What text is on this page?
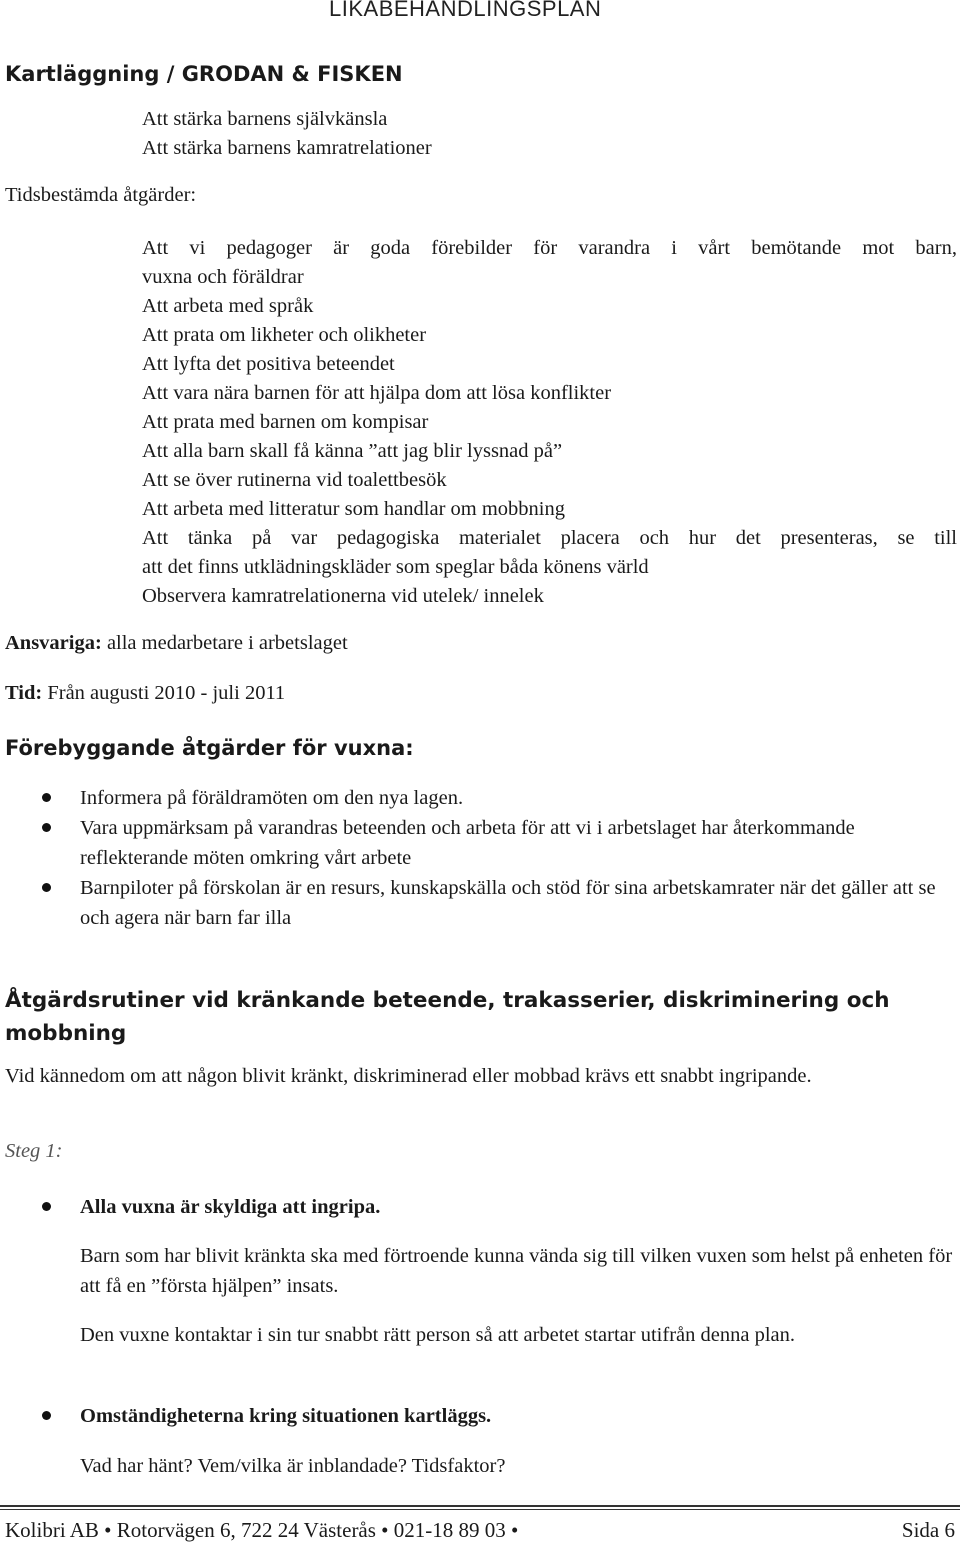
LIKABEHANDLINGSPLAN
Kartläggning / GRODAN & FISKEN
Att stärka barnens självkänsla
Att stärka barnens kamratrelationer
Tidsbestämda åtgärder:
Att vi pedagoger är goda förebilder för varandra i vårt bemötande mot barn,
vuxna och föräldrar
Att arbeta med språk
Att prata om likheter och olikheter
Att lyfta det positiva beteendet
Att vara nära barnen för att hjälpa dom att lösa konflikter
Att prata med barnen om kompisar
Att alla barn skall få känna ”att jag blir lyssnad på”
Att se över rutinerna vid toalettbesök
Att arbeta med litteratur som handlar om mobbning
Att tänka på var pedagogiska materialet placera och hur det presenteras, se till
att det finns utklädningskläder som speglar båda könens värld
Observera kamratrelationerna vid utelek/ innelek
Ansvariga: alla medarbetare i arbetslaget
Tid: Från augusti 2010 - juli 2011
Förebyggande åtgärder för vuxna:
Informera på föräldramöten om den nya lagen.
Vara uppmärksam på varandras beteenden och arbeta för att vi i arbetslaget har återkommande reflekterande möten omkring vårt arbete
Barnpiloter på förskolan är en resurs, kunskapskälla och stöd för sina arbetskamrater när det gäller att se och agera när barn far illa
Åtgärdsrutiner vid kränkande beteende, trakasserier, diskriminering och mobbning
Vid kännedom om att någon blivit kränkt, diskriminerad eller mobbad krävs ett snabbt ingripande.
Steg 1:
Alla vuxna är skyldiga att ingripa.
Barn som har blivit kränkta ska med förtroende kunna vända sig till vilken vuxen som helst på enheten för att få en ”första hjälpen” insats.
Den vuxne kontaktar i sin tur snabbt rätt person så att arbetet startar utifrån denna plan.
Omständigheterna kring situationen kartläggs.
Vad har hänt? Vem/vilka är inblandade? Tidsfaktor?
Kolibri AB • Rotorvägen 6, 722 24 Västerås • 021-18 89 03 •	Sida 6
